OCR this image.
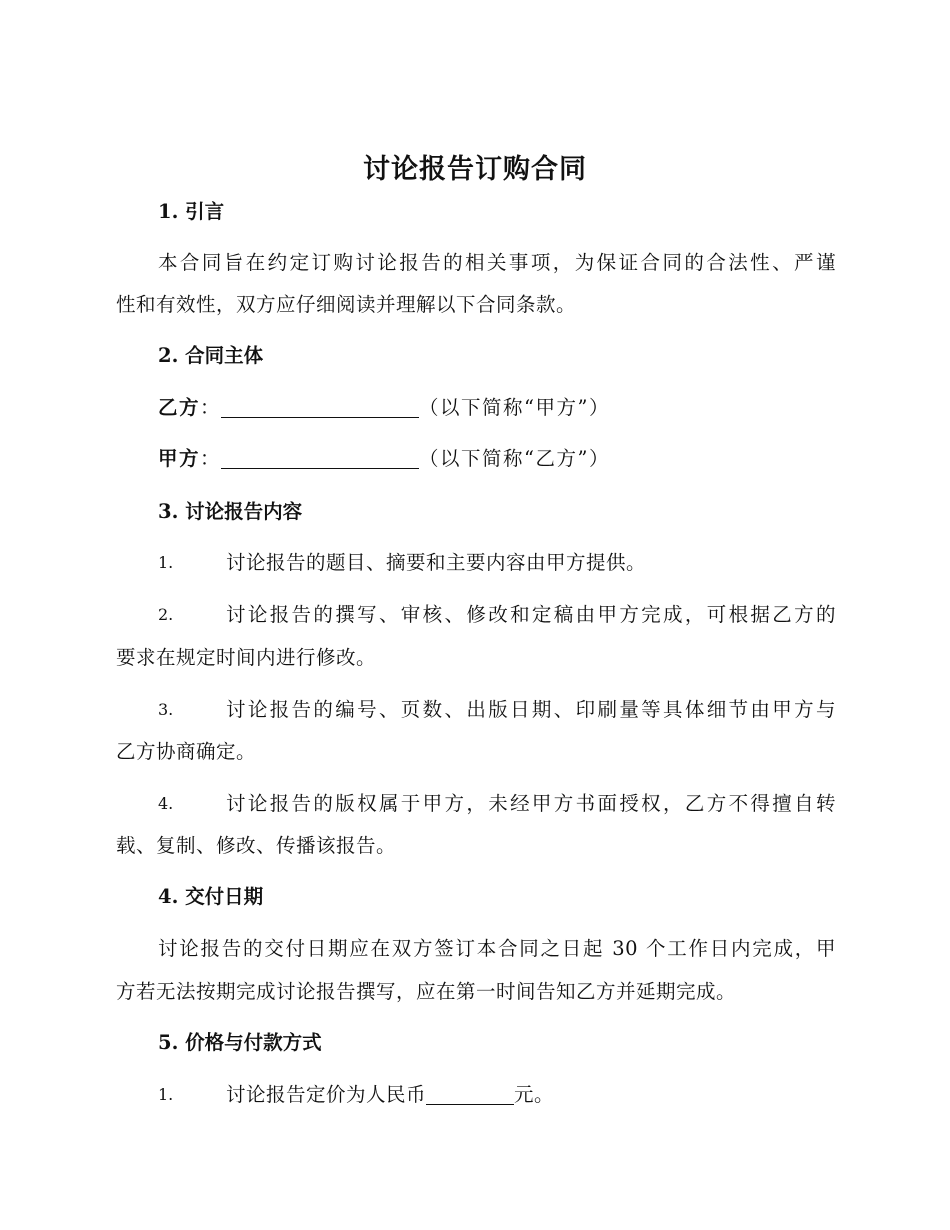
讨论报告订购合同
1. 引言
本合同旨在约定订购讨论报告的相关事项，为保证合同的合法性、严谨
性和有效性，双方应仔细阅读并理解以下合同条款。
2. 合同主体
乙方：	（以下简称“甲方”）
甲方：	（以下简称“乙方”）
3. 讨论报告内容
1.	讨论报告的题目、摘要和主要内容由甲方提供。
2.	讨论报告的撰写、审核、修改和定稿由甲方完成，可根据乙方的
要求在规定时间内进行修改。
3.	讨论报告的编号、页数、出版日期、印刷量等具体细节由甲方与
乙方协商确定。
4.	讨论报告的版权属于甲方，未经甲方书面授权，乙方不得擅自转
载、复制、修改、传播该报告。
4. 交付日期
讨论报告的交付日期应在双方签订本合同之日起 30 个工作日内完成，甲
方若无法按期完成讨论报告撰写，应在第一时间告知乙方并延期完成。
5. 价格与付款方式
1.	讨论报告定价为人民币	元。
